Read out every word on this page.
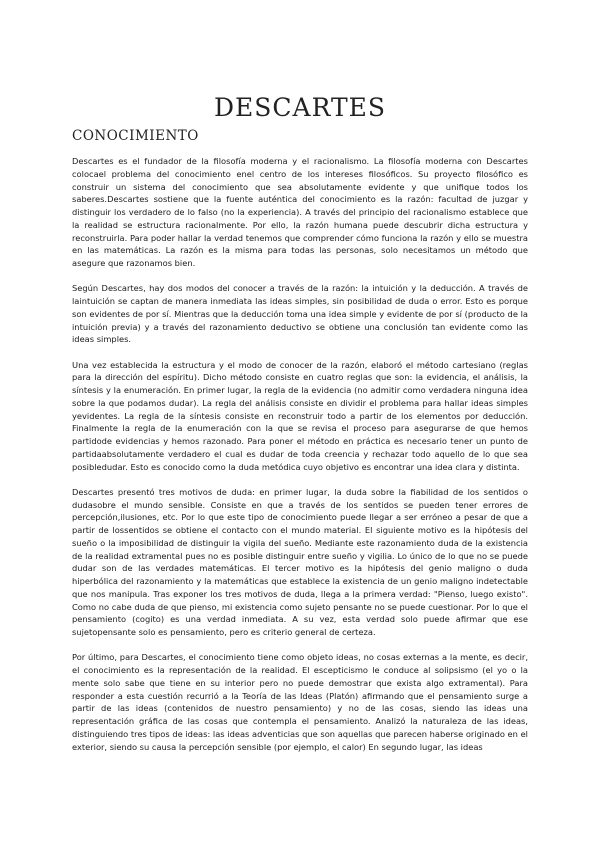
DESCARTES
CONOCIMIENTO

Descartes es el fundador de la filosofía moderna y el racionalismo. La filosofía moderna con Descartes colocael problema del conocimiento enel centro de los intereses filosóficos. Su proyecto filosófico es construir un sistema del conocimiento que sea absolutamente evidente y que unifique todos los saberes.Descartes sostiene que la fuente auténtica del conocimiento es la razón: facultad de juzgar y distinguir los verdadero de lo falso (no la experiencia). A través del principio del racionalismo establece que la realidad se estructura racionalmente. Por ello, la razón humana puede descubrir dicha estructura y reconstruirla. Para poder hallar la verdad tenemos que comprender cómo funciona la razón y ello se muestra en las matemáticas. La razón es la misma para todas las personas, solo necesitamos un método que asegure que razonamos bien.

Según Descartes, hay dos modos del conocer a través de la razón: la intuición y la deducción. A través de laintuición se captan de manera inmediata las ideas simples, sin posibilidad de duda o error. Esto es porque son evidentes de por sí. Mientras que la deducción toma una idea simple y evidente de por sí (producto de la intuición previa) y a través del razonamiento deductivo se obtiene una conclusión tan evidente como las ideas simples.

Una vez establecida la estructura y el modo de conocer de la razón, elaboró el método cartesiano (reglas para la dirección del espíritu). Dicho método consiste en cuatro reglas que son: la evidencia, el análisis, la síntesis y la enumeración. En primer lugar, la regla de la evidencia (no admitir como verdadera ninguna idea sobre la que podamos dudar). La regla del análisis consiste en dividir el problema para hallar ideas simples yevidentes. La regla de la síntesis consiste en reconstruir todo a partir de los elementos por deducción. Finalmente la regla de la enumeración con la que se revisa el proceso para asegurarse de que hemos partidode evidencias y hemos razonado. Para poner el método en práctica es necesario tener un punto de partidaabsolutamente verdadero el cual es dudar de toda creencia y rechazar todo aquello de lo que sea posibledudar. Esto es conocido como la duda metódica cuyo objetivo es encontrar una idea clara y distinta.

Descartes presentó tres motivos de duda: en primer lugar, la duda sobre la fiabilidad de los sentidos o dudasobre el mundo sensible. Consiste en que a través de los sentidos se pueden tener errores de percepción,ilusiones, etc. Por lo que este tipo de conocimiento puede llegar a ser erróneo a pesar de que a partir de lossentidos se obtiene el contacto con el mundo material. El siguiente motivo es la hipótesis del sueño o la imposibilidad de distinguir la vigila del sueño. Mediante este razonamiento duda de la existencia de la realidad extramental pues no es posible distinguir entre sueño y vigilia. Lo único de lo que no se puede dudar son de las verdades matemáticas. El tercer motivo es la hipótesis del genio maligno o duda hiperbólica del razonamiento y la matemáticas que establece la existencia de un genio maligno indetectable que nos manipula. Tras exponer los tres motivos de duda, llega a la primera verdad: "Pienso, luego existo". Como no cabe duda de que pienso, mi existencia como sujeto pensante no se puede cuestionar. Por lo que el pensamiento (cogito) es una verdad inmediata. A su vez, esta verdad solo puede afirmar que ese sujetopensante solo es pensamiento, pero es criterio general de certeza.

Por último, para Descartes, el conocimiento tiene como objeto ideas, no cosas externas a la mente, es decir, el conocimiento es la representación de la realidad. El escepticismo le conduce al solipsismo (el yo o la mente solo sabe que tiene en su interior pero no puede demostrar que exista algo extramental). Para responder a esta cuestión recurrió a la Teoría de las Ideas (Platón) afirmando que el pensamiento surge a partir de las ideas (contenidos de nuestro pensamiento) y no de las cosas, siendo las ideas una representación gráfica de las cosas que contempla el pensamiento. Analizó la naturaleza de las ideas, distinguiendo tres tipos de ideas: las ideas adventicias que son aquellas que parecen haberse originado en el exterior, siendo su causa la percepción sensible (por ejemplo, el calor) En segundo lugar, las ideas
